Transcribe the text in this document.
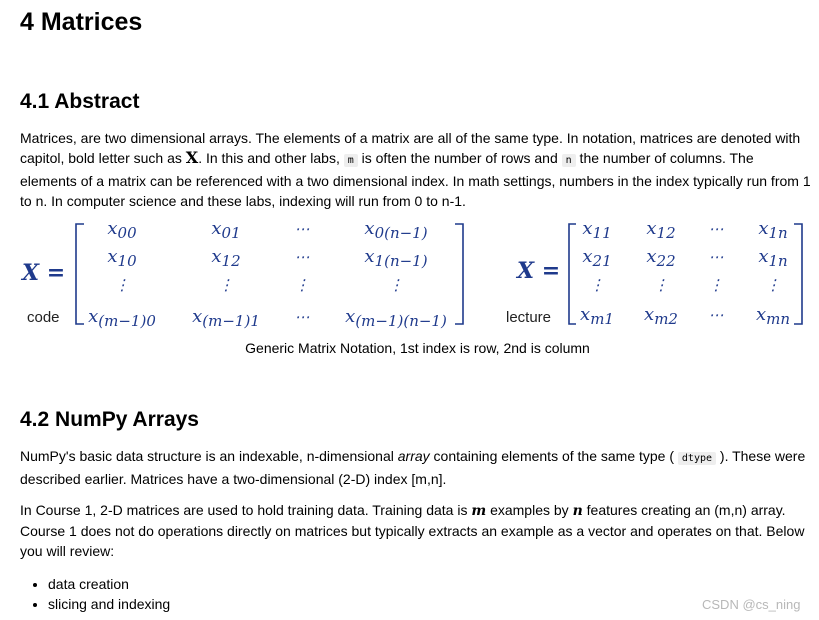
4 Matrices
4.1 Abstract

Matrices, are two dimensional arrays. The elements of a matrix are all of the same type. In notation, matrices are denoted with capitol, bold letter such as X. In this and other labs, m is often the number of rows and n the number of columns. The elements of a matrix can be referenced with a two dimensional index. In math settings, numbers in the index typically run from 1 to n. In computer science and these labs, indexing will run from 0 to n-1.

X =	X =
$x_{00}$	$x_{01}$	⋯	$x_{0(n-1)}$
$x_{10}$	$x_{12}$	⋯	$x_{1(n-1)}$
⋮	⋮	⋮	⋮
$x_{(m-1)0}$ $x_{(m-1)1}$ ⋯ $x_{(m-1)(n-1)}$
$x_{11}$ $x_{12}$ ⋯ $x_{1n}$
$x_{21}$ $x_{22}$ ⋯ $x_{1n}$
⋮	⋮	⋮	⋮
$x_{m1}$ $x_{m2}$ ⋯ $x_{mn}$
code	lecture
Generic Matrix Notation, 1st index is row, 2nd is column
4.2 NumPy Arrays

NumPy's basic data structure is an indexable, n-dimensional array containing elements of the same type ( dtype ). These were described earlier. Matrices have a two-dimensional (2-D) index [m,n].

In Course 1, 2-D matrices are used to hold training data. Training data is m examples by n features creating an (m,n) array. Course 1 does not do operations directly on matrices but typically extracts an example as a vector and operates on that. Below you will review:

• data creation
• slicing and indexing	CSDN @cs_ning
